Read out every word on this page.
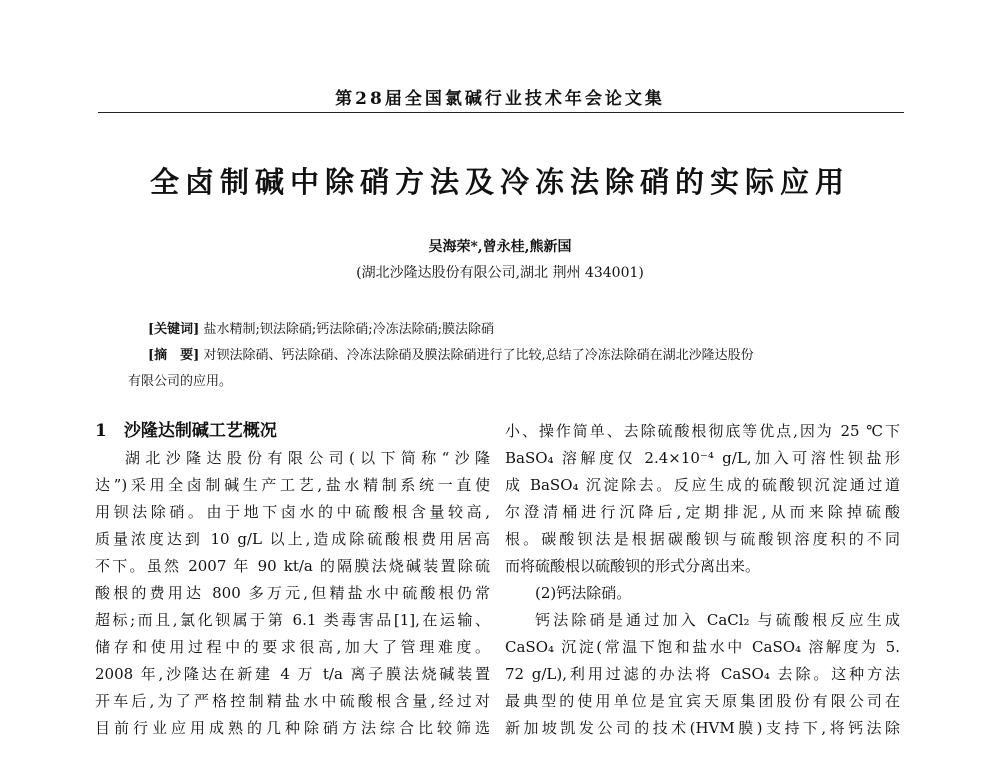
第28届全国氯碱行业技术年会论文集
全卤制碱中除硝方法及冷冻法除硝的实际应用
吴海荣*,曾永桂,熊新国
(湖北沙隆达股份有限公司,湖北 荆州 434001)
[关键词] 盐水精制;钡法除硝;钙法除硝;冷冻法除硝;膜法除硝
[摘　要] 对钡法除硝、钙法除硝、冷冻法除硝及膜法除硝进行了比较,总结了冷冻法除硝在湖北沙隆达股份
有限公司的应用。
1　沙隆达制碱工艺概况
湖北沙隆达股份有限公司(以下简称“沙隆
达”)采用全卤制碱生产工艺,盐水精制系统一直使
用钡法除硝。由于地下卤水的中硫酸根含量较高,
质量浓度达到 10 g/L 以上,造成除硫酸根费用居高
不下。虽然 2007 年 90 kt/a 的隔膜法烧碱装置除硫
酸根的费用达 800 多万元,但精盐水中硫酸根仍常
超标;而且,氯化钡属于第 6.1 类毒害品[1],在运输、
储存和使用过程中的要求很高,加大了管理难度。
2008 年,沙隆达在新建 4 万 t/a 离子膜法烧碱装置
开车后,为了严格控制精盐水中硫酸根含量,经过对
目前行业应用成熟的几种除硝方法综合比较筛选
小、操作简单、去除硫酸根彻底等优点,因为 25 ℃下
BaSO₄ 溶解度仅 2.4×10⁻⁴ g/L,加入可溶性钡盐形
成 BaSO₄ 沉淀除去。反应生成的硫酸钡沉淀通过道
尔澄清桶进行沉降后,定期排泥,从而来除掉硫酸
根。碳酸钡法是根据碳酸钡与硫酸钡溶度积的不同
而将硫酸根以硫酸钡的形式分离出来。
(2)钙法除硝。
钙法除硝是通过加入 CaCl₂ 与硫酸根反应生成
CaSO₄ 沉淀(常温下饱和盐水中 CaSO₄ 溶解度为 5.
72 g/L),利用过滤的办法将 CaSO₄ 去除。这种方法
最典型的使用单位是宜宾天原集团股份有限公司在
新加坡凯发公司的技术(HVM膜)支持下,将钙法除
